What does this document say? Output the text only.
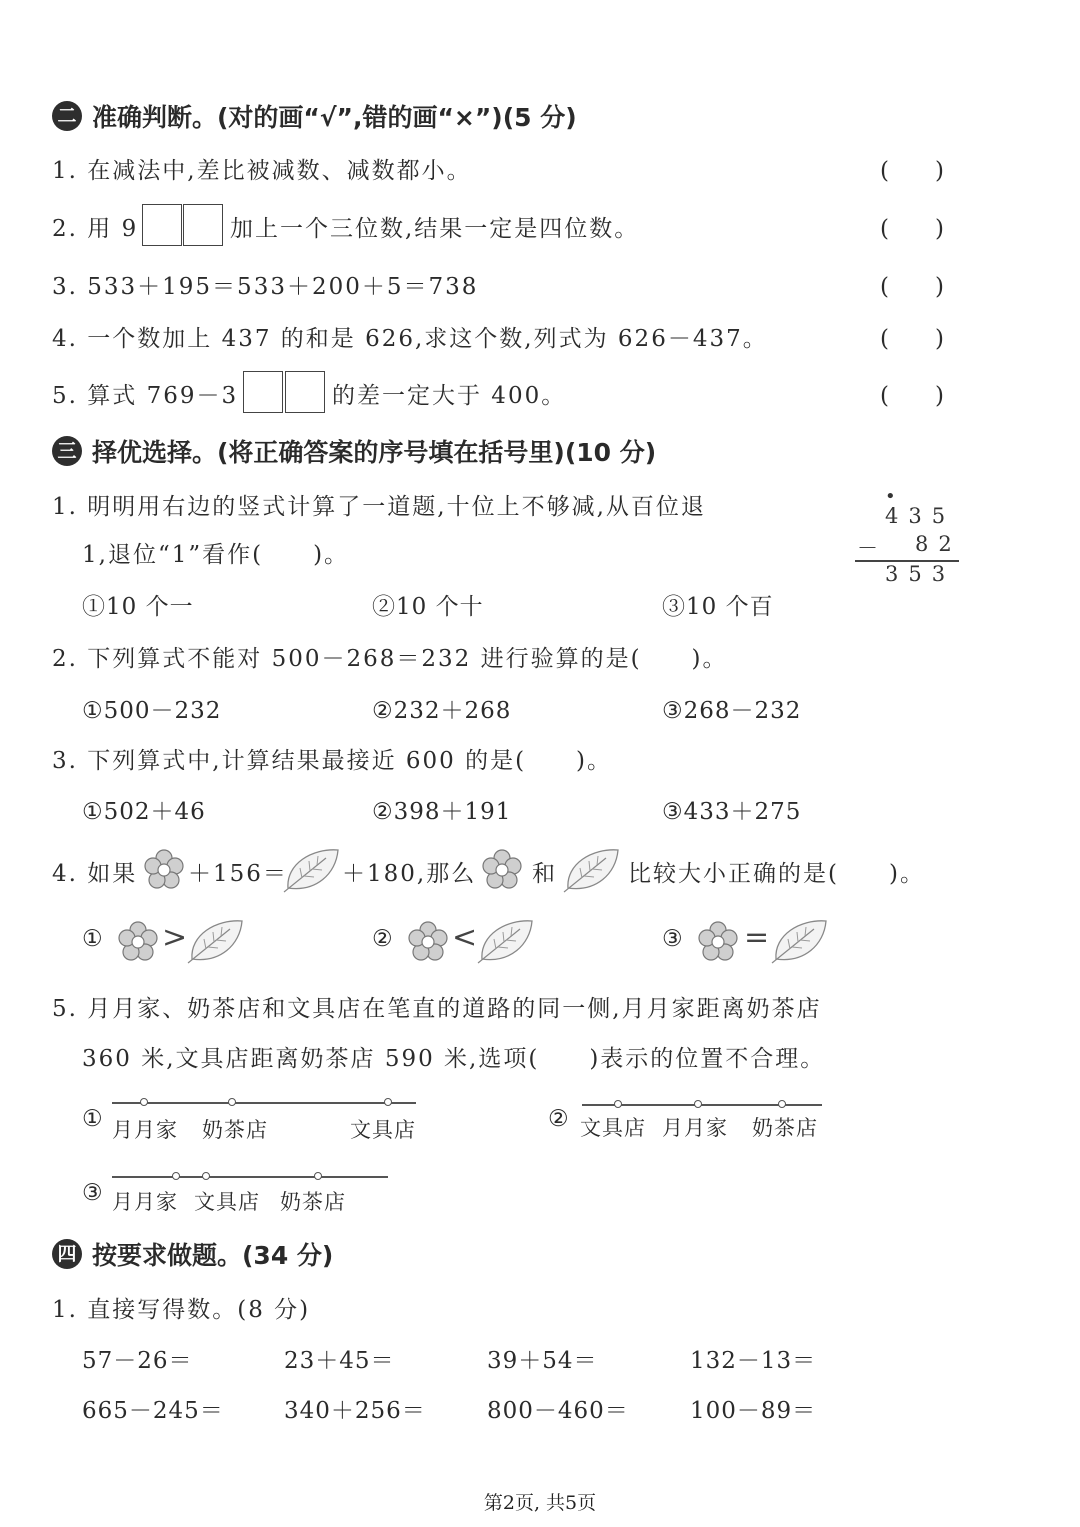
二 准确判断。(对的画“√”,错的画“×”)(5 分)
1. 在减法中,差比被减数、减数都小。	(　　)
2. 用 9	加上一个三位数,结果一定是四位数。	(　　)
3. 533＋195＝533＋200＋5＝738	(　　)
4. 一个数加上 437 的和是 626,求这个数,列式为 626－437。	(　　)
5. 算式 769－3	的差一定大于 400。	(　　)
三 择优选择。(将正确答案的序号填在括号里)(10 分)
1. 明明用右边的竖式计算了一道题,十位上不够减,从百位退
1,退位“1”看作(　　)。
•
435
－ 82
353
①10 个一	②10 个十	③10 个百
2. 下列算式不能对 500－268＝232 进行验算的是(　　)。
①500－232	②232＋268	③268－232
3. 下列算式中,计算结果最接近 600 的是(　　)。
①502＋46	②398＋191	③433＋275
4. 如果 ＋156＝ ＋180,那么 和	比较大小正确的是(　　)。
① >	② <	③ =
5. 月月家、奶茶店和文具店在笔直的道路的同一侧,月月家距离奶茶店
360 米,文具店距离奶茶店 590 米,选项(　　)表示的位置不合理。
① 月月家 奶茶店	文具店	② 文具店 月月家 奶茶店
③ 月月家 文具店 奶茶店
四 按要求做题。(34 分)
1. 直接写得数。(8 分)
57－26＝	23＋45＝	39＋54＝	132－13＝
665－245＝	340＋256＝	800－460＝	100－89＝
第2页, 共5页
